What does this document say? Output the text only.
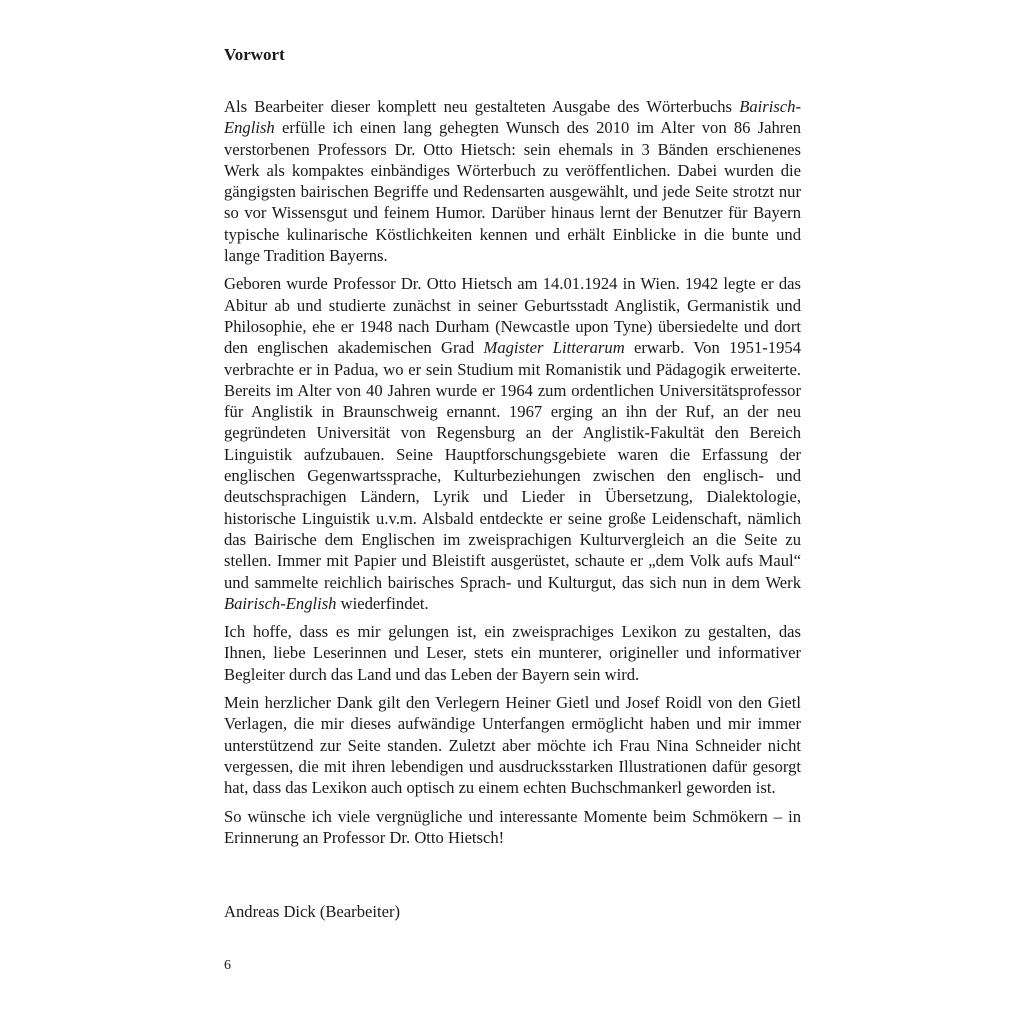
Vorwort

Als Bearbeiter dieser komplett neu gestalteten Ausgabe des Wörterbuchs Bairisch-English erfülle ich einen lang gehegten Wunsch des 2010 im Alter von 86 Jahren verstorbenen Professors Dr. Otto Hietsch: sein ehemals in 3 Bänden erschienenes Werk als kompaktes einbändiges Wörterbuch zu veröffentlichen. Dabei wurden die gängigsten bairischen Begriffe und Redensarten ausgewählt, und jede Seite strotzt nur so vor Wissensgut und feinem Humor. Darüber hinaus lernt der Benutzer für Bayern typische kulinarische Köstlichkeiten kennen und erhält Einblicke in die bunte und lange Tradition Bayerns.

Geboren wurde Professor Dr. Otto Hietsch am 14.01.1924 in Wien. 1942 legte er das Abitur ab und studierte zunächst in seiner Geburtsstadt Anglistik, Germanistik und Philosophie, ehe er 1948 nach Durham (Newcastle upon Tyne) übersiedelte und dort den englischen akademischen Grad Magister Litterarum erwarb. Von 1951-1954 verbrachte er in Padua, wo er sein Studium mit Romanistik und Pädagogik erweiterte. Bereits im Alter von 40 Jahren wurde er 1964 zum ordentlichen Universitätsprofessor für Anglistik in Braunschweig ernannt. 1967 erging an ihn der Ruf, an der neu gegründeten Universität von Regensburg an der Anglistik-Fakultät den Bereich Linguistik aufzubauen. Seine Hauptforschungsgebiete waren die Erfassung der englischen Gegenwartssprache, Kulturbeziehungen zwischen den englisch- und deutschsprachigen Ländern, Lyrik und Lieder in Übersetzung, Dialektologie, historische Linguistik u.v.m. Alsbald entdeckte er seine große Leidenschaft, nämlich das Bairische dem Englischen im zweisprachigen Kulturvergleich an die Seite zu stellen. Immer mit Papier und Bleistift ausgerüstet, schaute er „dem Volk aufs Maul“ und sammelte reichlich bairisches Sprach- und Kulturgut, das sich nun in dem Werk Bairisch-English wiederfindet.

Ich hoffe, dass es mir gelungen ist, ein zweisprachiges Lexikon zu gestalten, das Ihnen, liebe Leserinnen und Leser, stets ein munterer, origineller und informativer Begleiter durch das Land und das Leben der Bayern sein wird.

Mein herzlicher Dank gilt den Verlegern Heiner Gietl und Josef Roidl von den Gietl Verlagen, die mir dieses aufwändige Unterfangen ermöglicht haben und mir immer unterstützend zur Seite standen. Zuletzt aber möchte ich Frau Nina Schneider nicht vergessen, die mit ihren lebendigen und ausdrucksstarken Illustrationen dafür gesorgt hat, dass das Lexikon auch optisch zu einem echten Buchschmankerl geworden ist.

So wünsche ich viele vergnügliche und interessante Momente beim Schmökern – in Erinnerung an Professor Dr. Otto Hietsch!

Andreas Dick (Bearbeiter)

6
